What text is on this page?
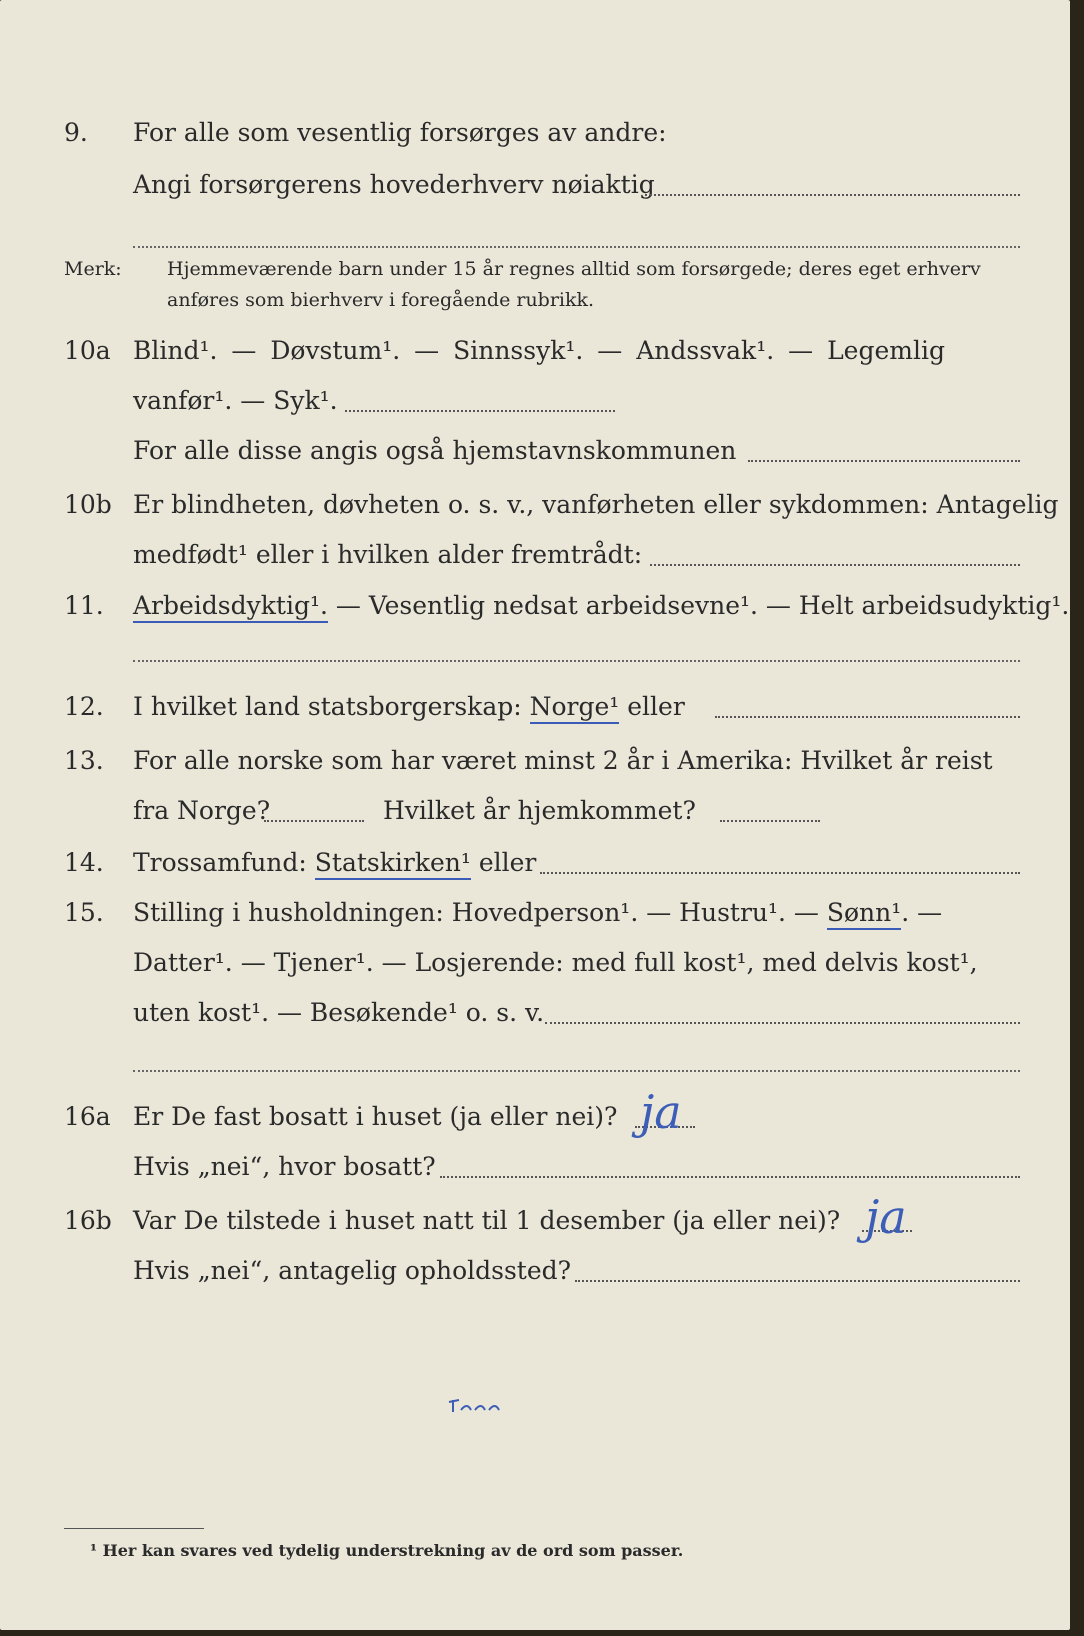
9. For alle som vesentlig forsørges av andre:
Angi forsørgerens hovederhverv nøiaktig
Merk: Hjemmeværende barn under 15 år regnes alltid som forsørgede; deres eget erhverv
anføres som bierhverv i foregående rubrikk.
10a Blind¹. — Døvstum¹. — Sinnssyk¹. — Andssvak¹. — Legemlig
vanfør¹. — Syk¹.
For alle disse angis også hjemstavnskommunen
10b Er blindheten, døvheten o. s. v., vanførheten eller sykdommen: Antagelig
medfødt¹ eller i hvilken alder fremtrådt:
11. Arbeidsdyktig¹. — Vesentlig nedsat arbeidsevne¹. — Helt arbeidsudyktig¹.
12. I hvilket land statsborgerskap: Norge¹ eller
13. For alle norske som har været minst 2 år i Amerika: Hvilket år reist
fra Norge?	Hvilket år hjemkommet?
14. Trossamfund: Statskirken¹ eller
15. Stilling i husholdningen: Hovedperson¹. — Hustru¹. — Sønn¹. —
Datter¹. — Tjener¹. — Losjerende: med full kost¹, med delvis kost¹,
uten kost¹. — Besøkende¹ o. s. v.
16a Er De fast bosatt i huset (ja eller nei)? ja
Hvis „nei“, hvor bosatt?
16b Var De tilstede i huset natt til 1 desember (ja eller nei)? ja
Hvis „nei“, antagelig opholdssted?
¹ Her kan svares ved tydelig understrekning av de ord som passer.
